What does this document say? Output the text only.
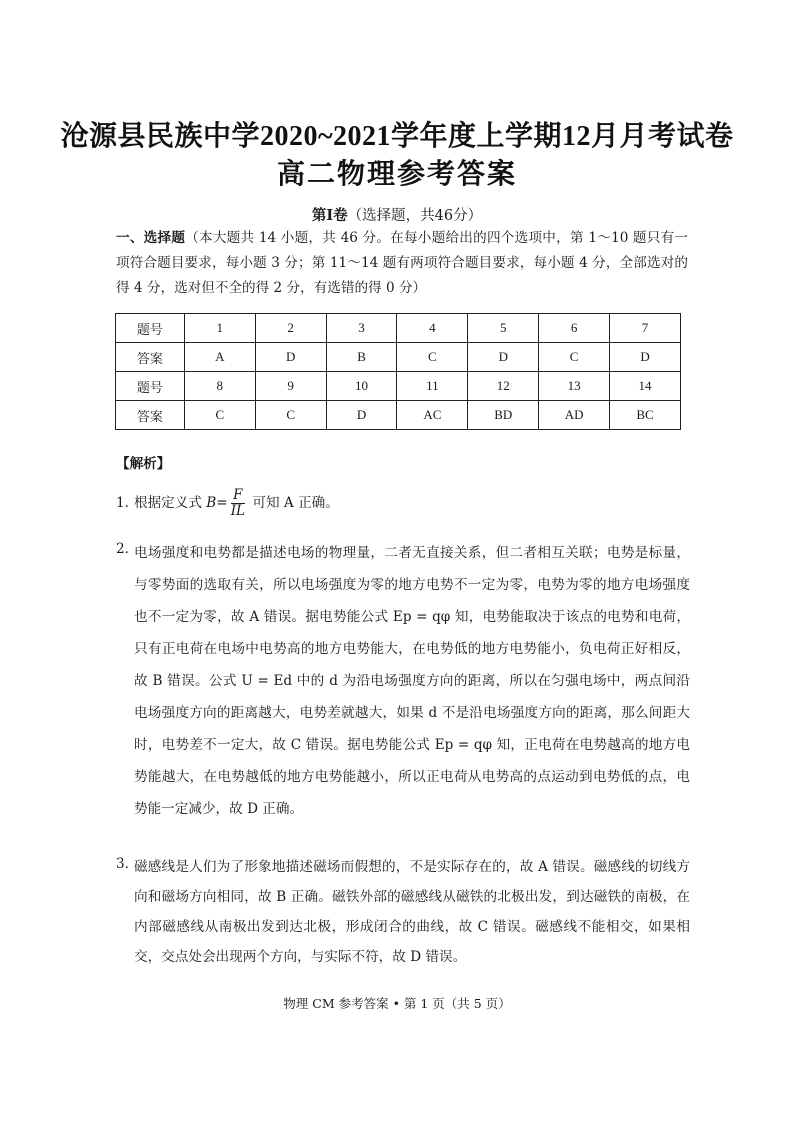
沧源县民族中学2020~2021学年度上学期12月月考试卷
高二物理参考答案
第Ⅰ卷（选择题，共46分）
一、选择题（本大题共 14 小题，共 46 分。在每小题给出的四个选项中，第 1～10 题只有一项符合题目要求，每小题 3 分；第 11～14 题有两项符合题目要求，每小题 4 分，全部选对的得 4 分，选对但不全的得 2 分，有选错的得 0 分）
题号	1	2	3	4	5	6	7
答案	A	D	B	C	D	C	D
题号	8	9	10	11	12	13	14
答案	C	C	D	AC	BD	AD	BC
【解析】
1．
根据定义式 $B= \frac{F}{IL}$ 可知 A 正确。
2．
电场强度和电势都是描述电场的物理量，二者无直接关系，但二者相互关联；电势是标量，与零势面的选取有关，所以电场强度为零的地方电势不一定为零，电势为零的地方电场强度也不一定为零，故 A 错误。据电势能公式 Ep = qφ 知，电势能取决于该点的电势和电荷，只有正电荷在电场中电势高的地方电势能大，在电势低的地方电势能小，负电荷正好相反，故 B 错误。公式 U = Ed 中的 d 为沿电场强度方向的距离，所以在匀强电场中，两点间沿电场强度方向的距离越大，电势差就越大，如果 d 不是沿电场强度方向的距离，那么间距大时，电势差不一定大，故 C 错误。据电势能公式 Ep = qφ 知，正电荷在电势越高的地方电势能越大，在电势越低的地方电势能越小，所以正电荷从电势高的点运动到电势低的点，电势能一定减少，故 D 正确。
3．
磁感线是人们为了形象地描述磁场而假想的，不是实际存在的，故 A 错误。磁感线的切线方向和磁场方向相同，故 B 正确。磁铁外部的磁感线从磁铁的北极出发，到达磁铁的南极，在内部磁感线从南极出发到达北极，形成闭合的曲线，故 C 错误。磁感线不能相交，如果相交，交点处会出现两个方向，与实际不符，故 D 错误。
物理 CM 参考答案 • 第 1 页（共 5 页）
